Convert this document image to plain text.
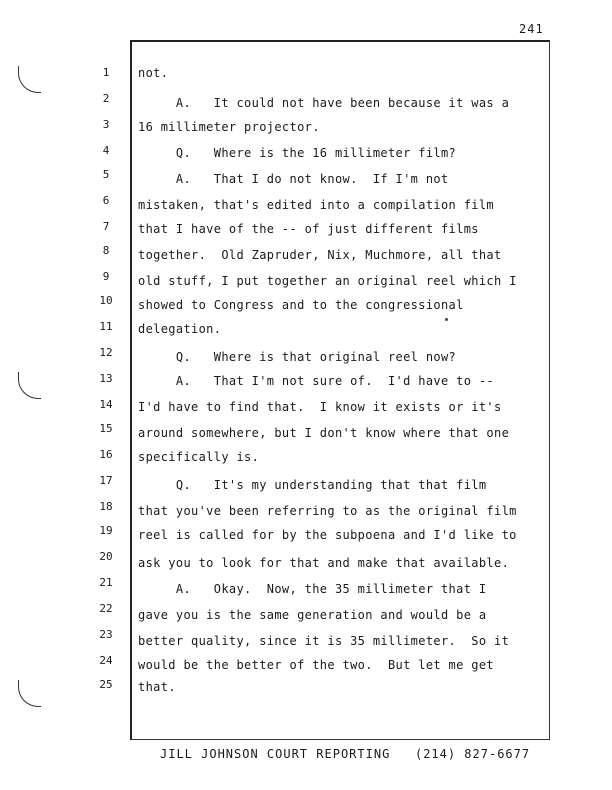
241
1
2
3
4
5
6
7
8
9
10
11
12
13
14
15
16
17
18
19
20
21
22
23
24
25
not.
A.   It could not have been because it was a
16 millimeter projector.
Q.   Where is the 16 millimeter film?
A.   That I do not know.  If I'm not
mistaken, that's edited into a compilation film
that I have of the -- of just different films
together.  Old Zapruder, Nix, Muchmore, all that
old stuff, I put together an original reel which I
showed to Congress and to the congressional
delegation.
Q.   Where is that original reel now?
A.   That I'm not sure of.  I'd have to --
I'd have to find that.  I know it exists or it's
around somewhere, but I don't know where that one
specifically is.
Q.   It's my understanding that that film
that you've been referring to as the original film
reel is called for by the subpoena and I'd like to
ask you to look for that and make that available.
A.   Okay.  Now, the 35 millimeter that I
gave you is the same generation and would be a
better quality, since it is 35 millimeter.  So it
would be the better of the two.  But let me get
that.
JILL JOHNSON COURT REPORTING   (214) 827-6677
